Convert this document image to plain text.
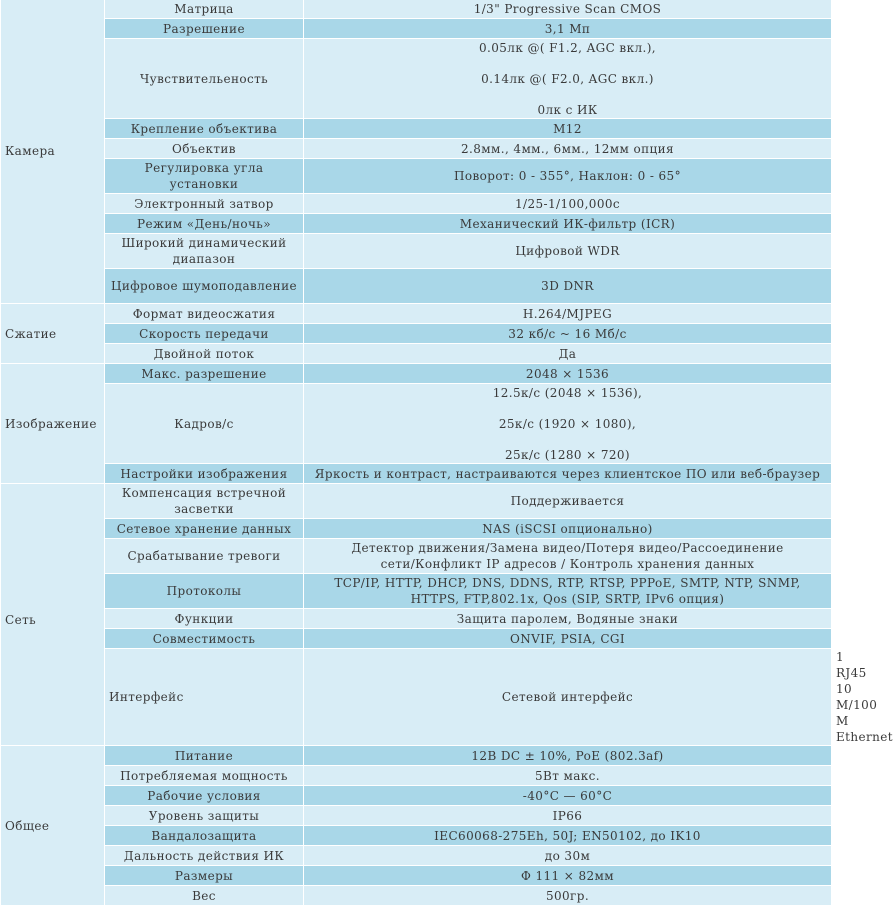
Камера	Матрица	1/3" Progressive Scan CMOS	
	Разрешение	3,1 Мп	
	Чувствительеность	0.05лк @( F1.2, AGC вкл.),
0.14лк @( F2.0, AGC вкл.)
0лк с ИК	

	Крепление объектива	M12	
	Объектив	2.8мм., 4мм., 6мм., 12мм опция	
	Регулировка угла установки	Поворот: 0 - 355°, Наклон: 0 - 65°	
	Электронный затвор	1/25-1/100,000с	
	Режим «День/ночь»	Механический ИК-фильтр (ICR)	
	Широкий динамический диапазон	Цифровой WDR	
	Цифровое шумоподавление	3D DNR	
Сжатие	Формат видеосжатия	H.264/MJPEG	
	Скорость передачи	32 кб/с ~ 16 Мб/с	
	Двойной поток	Да	
Изображение	Макс. разрешение	2048 × 1536	
	Кадров/с	12.5к/с (2048 × 1536),
25к/с (1920 × 1080),
25к/с (1280 × 720)	

	Настройки изображения	Яркость и контраст, настраиваются через клиентское ПО или веб-браузер	
Сеть	Компенсация встречной засветки	Поддерживается	
	Сетевое хранение данных	NAS (iSCSI опционально)	
	Срабатывание тревоги	Детектор движения/Замена видео/Потеря видео/Рассоединение сети/Конфликт IP адресов / Контроль хранения данных	
	Протоколы	TCP/IP, HTTP, DHCP, DNS, DDNS, RTP, RTSP, PPPoE, SMTP, NTP, SNMP, HTTPS, FTP,802.1x, Qos (SIP, SRTP, IPv6 опция)	
	Функции	Защита паролем, Водяные знаки	
	Совместимость	ONVIF, PSIA, CGI	
	Интерфейс	Сетевой интерфейс	1 RJ45 10 M/100 M Ethernet
Общее	Питание	12В DC ± 10%, PoE (802.3af)	
	Потребляемая мощность	5Вт макс.	
	Рабочие условия	-40°C — 60°C	
	Уровень защиты	IP66	
	Вандалозащита	IEC60068-275Eh, 50J; EN50102, до IK10	
	Дальность действия ИК	до 30м	
	Размеры	Φ 111 × 82мм	
	Вес	500гр.	
